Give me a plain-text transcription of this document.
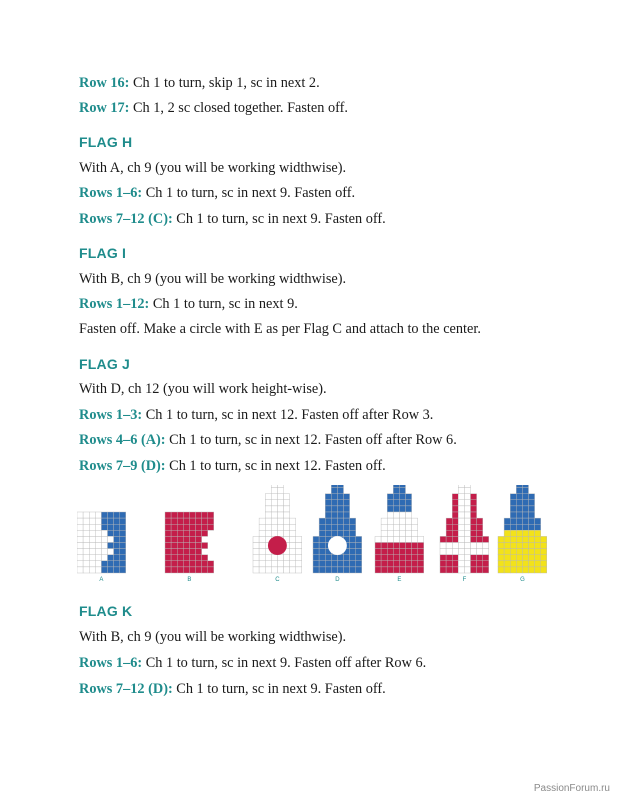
Row 16: Ch 1 to turn, skip 1, sc in next 2.

Row 17: Ch 1, 2 sc closed together. Fasten off.

FLAG H

With A, ch 9 (you will be working widthwise).

Rows 1–6: Ch 1 to turn, sc in next 9. Fasten off.

Rows 7–12 (C): Ch 1 to turn, sc in next 9. Fasten off.

FLAG I

With B, ch 9 (you will be working widthwise).

Rows 1–12: Ch 1 to turn, sc in next 9.

Fasten off. Make a circle with E as per Flag C and attach to the center.

FLAG J

With D, ch 12 (you will work height-wise).

Rows 1–3: Ch 1 to turn, sc in next 12. Fasten off after Row 3.

Rows 4–6 (A): Ch 1 to turn, sc in next 12. Fasten off after Row 6.

Rows 7–9 (D): Ch 1 to turn, sc in next 12. Fasten off.

FLAG K

With B, ch 9 (you will be working widthwise).

Rows 1–6: Ch 1 to turn, sc in next 9. Fasten off after Row 6.

Rows 7–12 (D): Ch 1 to turn, sc in next 9. Fasten off.

A	B	C	D	E	F	G
PassionForum.ru
